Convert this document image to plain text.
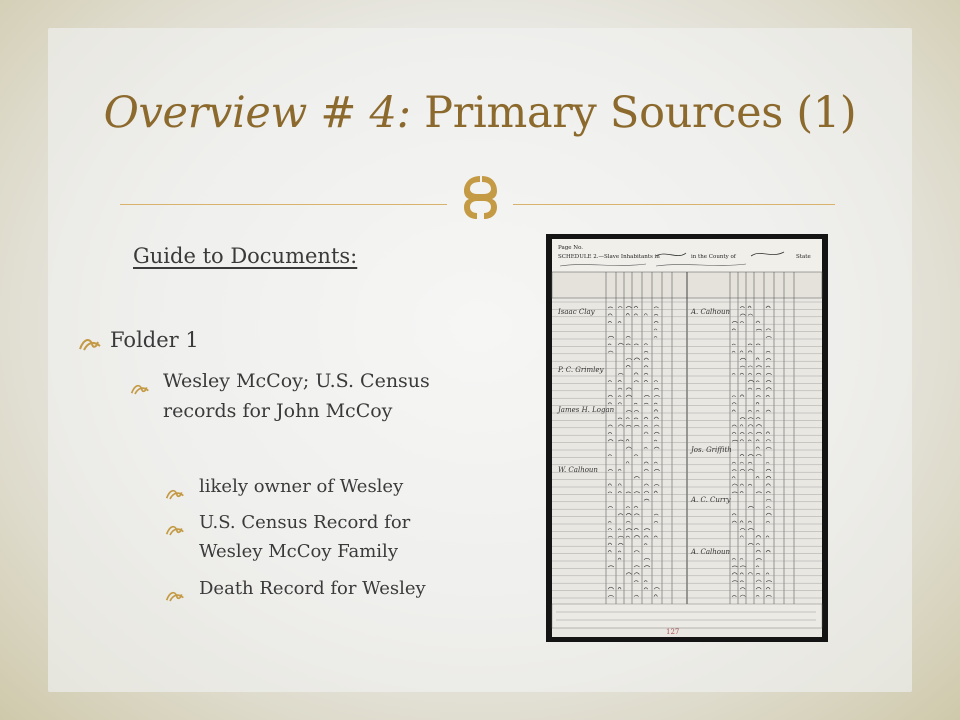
Overview # 4: Primary Sources (1)
Guide to Documents:
Folder 1
Wesley McCoy; U.S. Census records for John McCoy
likely owner of Wesley
U.S. Census Record for Wesley McCoy Family
Death Record for Wesley
Page No.
SCHEDULE 2.—Slave Inhabitants in	in the County of	State
Isaac Clay
P. C. Grimley
James H. Logan
W. Calhoun
A. Calhoun
Jos. Griffith
A. C. Curry
A. Calhoun
127
